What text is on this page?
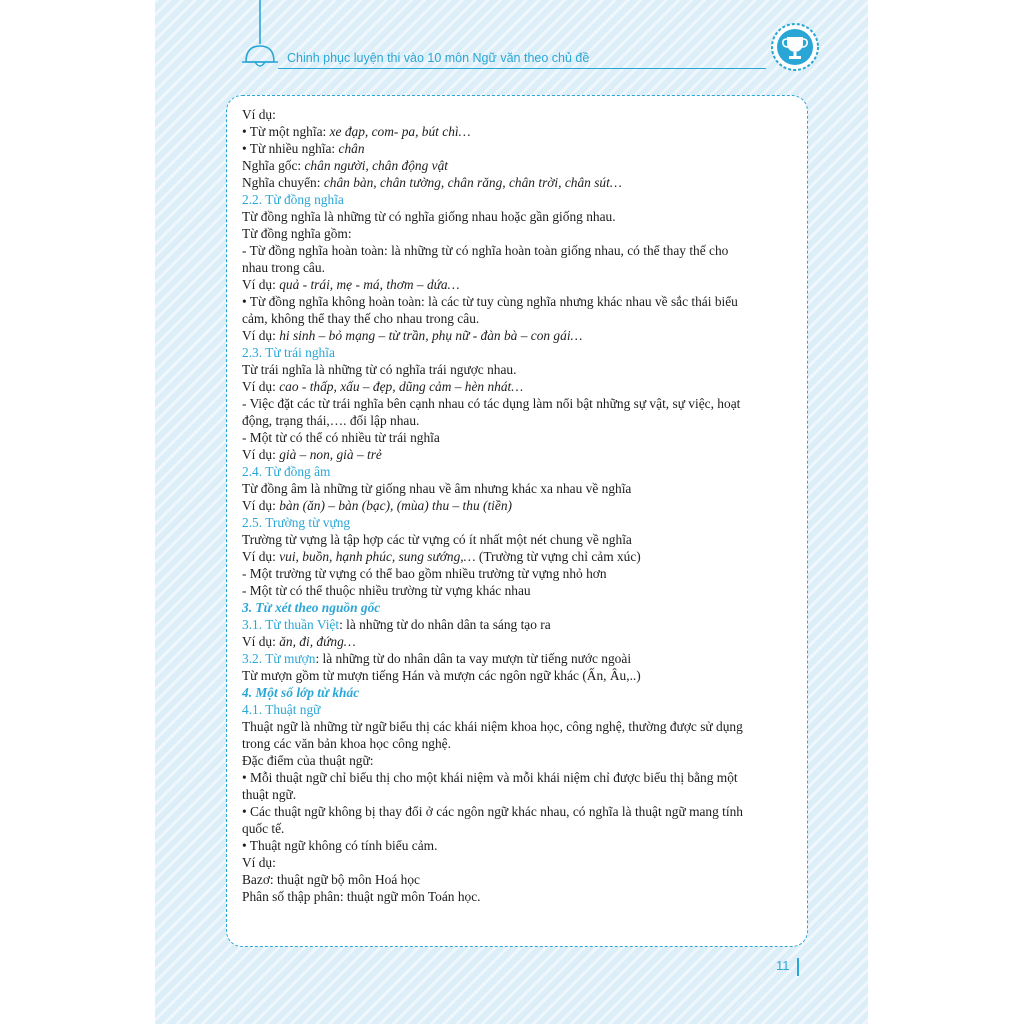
Chinh phục luyện thi vào 10 môn Ngữ văn theo chủ đề
Ví dụ:
• Từ một nghĩa: xe đạp, com- pa, bút chì…
• Từ nhiều nghĩa: chân
Nghĩa gốc: chân người, chân động vật
Nghĩa chuyển: chân bàn, chân tường, chân răng, chân trời, chân sút…
2.2. Từ đồng nghĩa
Từ đồng nghĩa là những từ có nghĩa giống nhau hoặc gần giống nhau.
Từ đồng nghĩa gồm:
- Từ đồng nghĩa hoàn toàn: là những từ có nghĩa hoàn toàn giống nhau, có thể thay thế cho
nhau trong câu.
Ví dụ: quả - trái, mẹ - má, thơm – dứa…
• Từ đồng nghĩa không hoàn toàn: là các từ tuy cùng nghĩa nhưng khác nhau về sắc thái biểu
cảm, không thể thay thế cho nhau trong câu.
Ví dụ: hi sinh – bỏ mạng – từ trần, phụ nữ - đàn bà – con gái…
2.3. Từ trái nghĩa
Từ trái nghĩa là những từ có nghĩa trái ngược nhau.
Ví dụ: cao - thấp, xấu – đẹp, dũng cảm – hèn nhát…
- Việc đặt các từ trái nghĩa bên cạnh nhau có tác dụng làm nổi bật những sự vật, sự việc, hoạt
động, trạng thái,…. đối lập nhau.
- Một từ có thể có nhiều từ trái nghĩa
Ví dụ: già – non, già – trẻ
2.4. Từ đồng âm
Từ đồng âm là những từ giống nhau về âm nhưng khác xa nhau về nghĩa
Ví dụ: bàn (ăn) – bàn (bạc), (mùa) thu – thu (tiền)
2.5. Trường từ vựng
Trường từ vựng là tập hợp các từ vựng có ít nhất một nét chung về nghĩa
Ví dụ: vui, buồn, hạnh phúc, sung sướng,… (Trường từ vựng chỉ cảm xúc)
- Một trường từ vựng có thể bao gồm nhiều trường từ vựng nhỏ hơn
- Một từ có thể thuộc nhiều trường từ vựng khác nhau
3. Từ xét theo nguồn gốc
3.1. Từ thuần Việt: là những từ do nhân dân ta sáng tạo ra
Ví dụ: ăn, đi, đứng…
3.2. Từ mượn: là những từ do nhân dân ta vay mượn từ tiếng nước ngoài
Từ mượn gồm từ mượn tiếng Hán và mượn các ngôn ngữ khác (Ấn, Âu,..)
4. Một số lớp từ khác
4.1. Thuật ngữ
Thuật ngữ là những từ ngữ biểu thị các khái niệm khoa học, công nghệ, thường được sử dụng
trong các văn bản khoa học công nghệ.
Đặc điểm của thuật ngữ:
• Mỗi thuật ngữ chỉ biểu thị cho một khái niệm và mỗi khái niệm chỉ được biểu thị bằng một
thuật ngữ.
• Các thuật ngữ không bị thay đổi ở các ngôn ngữ khác nhau, có nghĩa là thuật ngữ mang tính
quốc tế.
• Thuật ngữ không có tính biểu cảm.
Ví dụ:
Bazơ: thuật ngữ bộ môn Hoá học
Phân số thập phân: thuật ngữ môn Toán học.
11
